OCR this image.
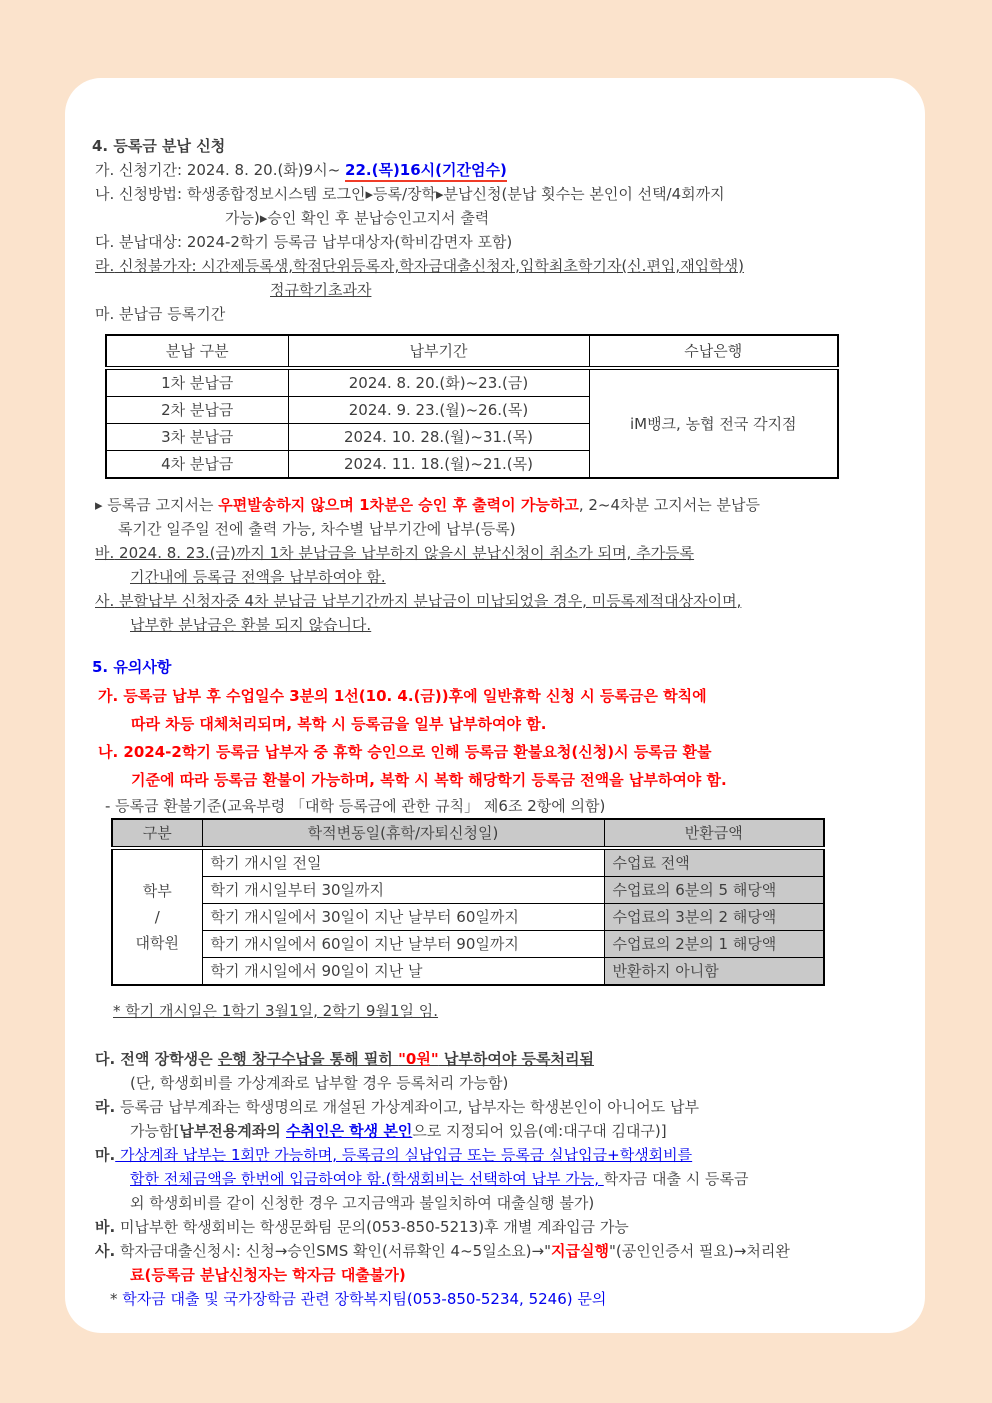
4. 등록금 분납 신청
가. 신청기간: 2024. 8. 20.(화)9시~ 22.(목)16시(기간엄수)
나. 신청방법: 학생종합정보시스템 로그인▸등록/장학▸분납신청(분납 횟수는 본인이 선택/4회까지
가능)▸승인 확인 후 분납승인고지서 출력
다. 분납대상: 2024-2학기 등록금 납부대상자(학비감면자 포함)
라. 신청불가자: 시간제등록생,학점단위등록자,학자금대출신청자,입학최초학기자(신.편입,재입학생)
정규학기초과자
마. 분납금 등록기간
분납 구분	납부기간	수납은행
1차 분납금	2024. 8. 20.(화)~23.(금)	iM뱅크, 농협 전국 각지점
2차 분납금	2024. 9. 23.(월)~26.(목)	
3차 분납금	2024. 10. 28.(월)~31.(목)	
4차 분납금	2024. 11. 18.(월)~21.(목)	
▸ 등록금 고지서는 우편발송하지 않으며 1차분은 승인 후 출력이 가능하고, 2~4차분 고지서는 분납등
록기간 일주일 전에 출력 가능, 차수별 납부기간에 납부(등록)
바. 2024. 8. 23.(금)까지 1차 분납금을 납부하지 않을시 분납신청이 취소가 되며, 추가등록
기간내에 등록금 전액을 납부하여야 함.
사. 분할납부 신청자중 4차 분납금 납부기간까지 분납금이 미납되었을 경우, 미등록제적대상자이며,
납부한 분납금은 환불 되지 않습니다.
5. 유의사항
가. 등록금 납부 후 수업일수 3분의 1선(10. 4.(금))후에 일반휴학 신청 시 등록금은 학칙에
따라 차등 대체처리되며, 복학 시 등록금을 일부 납부하여야 함.
나. 2024-2학기 등록금 납부자 중 휴학 승인으로 인해 등록금 환불요청(신청)시 등록금 환불
기준에 따라 등록금 환불이 가능하며, 복학 시 복학 해당학기 등록금 전액을 납부하여야 함.
- 등록금 환불기준(교육부령 「대학 등록금에 관한 규칙」 제6조 2항에 의함)
구분	학적변동일(휴학/자퇴신청일)	반환금액

학부
/
대학원	학기 개시일 전일	수업료 전액
	학기 개시일부터 30일까지	수업료의 6분의 5 해당액
	학기 개시일에서 30일이 지난 날부터 60일까지	수업료의 3분의 2 해당액
	학기 개시일에서 60일이 지난 날부터 90일까지	수업료의 2분의 1 해당액
	학기 개시일에서 90일이 지난 날	반환하지 아니함
* 학기 개시일은 1학기 3월1일, 2학기 9월1일 임.
다. 전액 장학생은 은행 창구수납을 통해 필히 "0원" 납부하여야 등록처리됨
(단, 학생회비를 가상계좌로 납부할 경우 등록처리 가능함)
라. 등록금 납부계좌는 학생명의로 개설된 가상계좌이고, 납부자는 학생본인이 아니어도 납부
가능함[납부전용계좌의 수취인은 학생 본인으로 지정되어 있음(예:대구대 김대구)]
마. 가상계좌 납부는 1회만 가능하며, 등록금의 실납입금 또는 등록금 실납입금+학생회비를
합한 전체금액을 한번에 입금하여야 함.(학생회비는 선택하여 납부 가능, 학자금 대출 시 등록금
외 학생회비를 같이 신청한 경우 고지금액과 불일치하여 대출실행 불가)
바. 미납부한 학생회비는 학생문화팀 문의(053-850-5213)후 개별 계좌입금 가능
사. 학자금대출신청시: 신청→승인SMS 확인(서류확인 4~5일소요)→"지급실행"(공인인증서 필요)→처리완
료(등록금 분납신청자는 학자금 대출불가)
* 학자금 대출 및 국가장학금 관련 장학복지팀(053-850-5234, 5246) 문의
